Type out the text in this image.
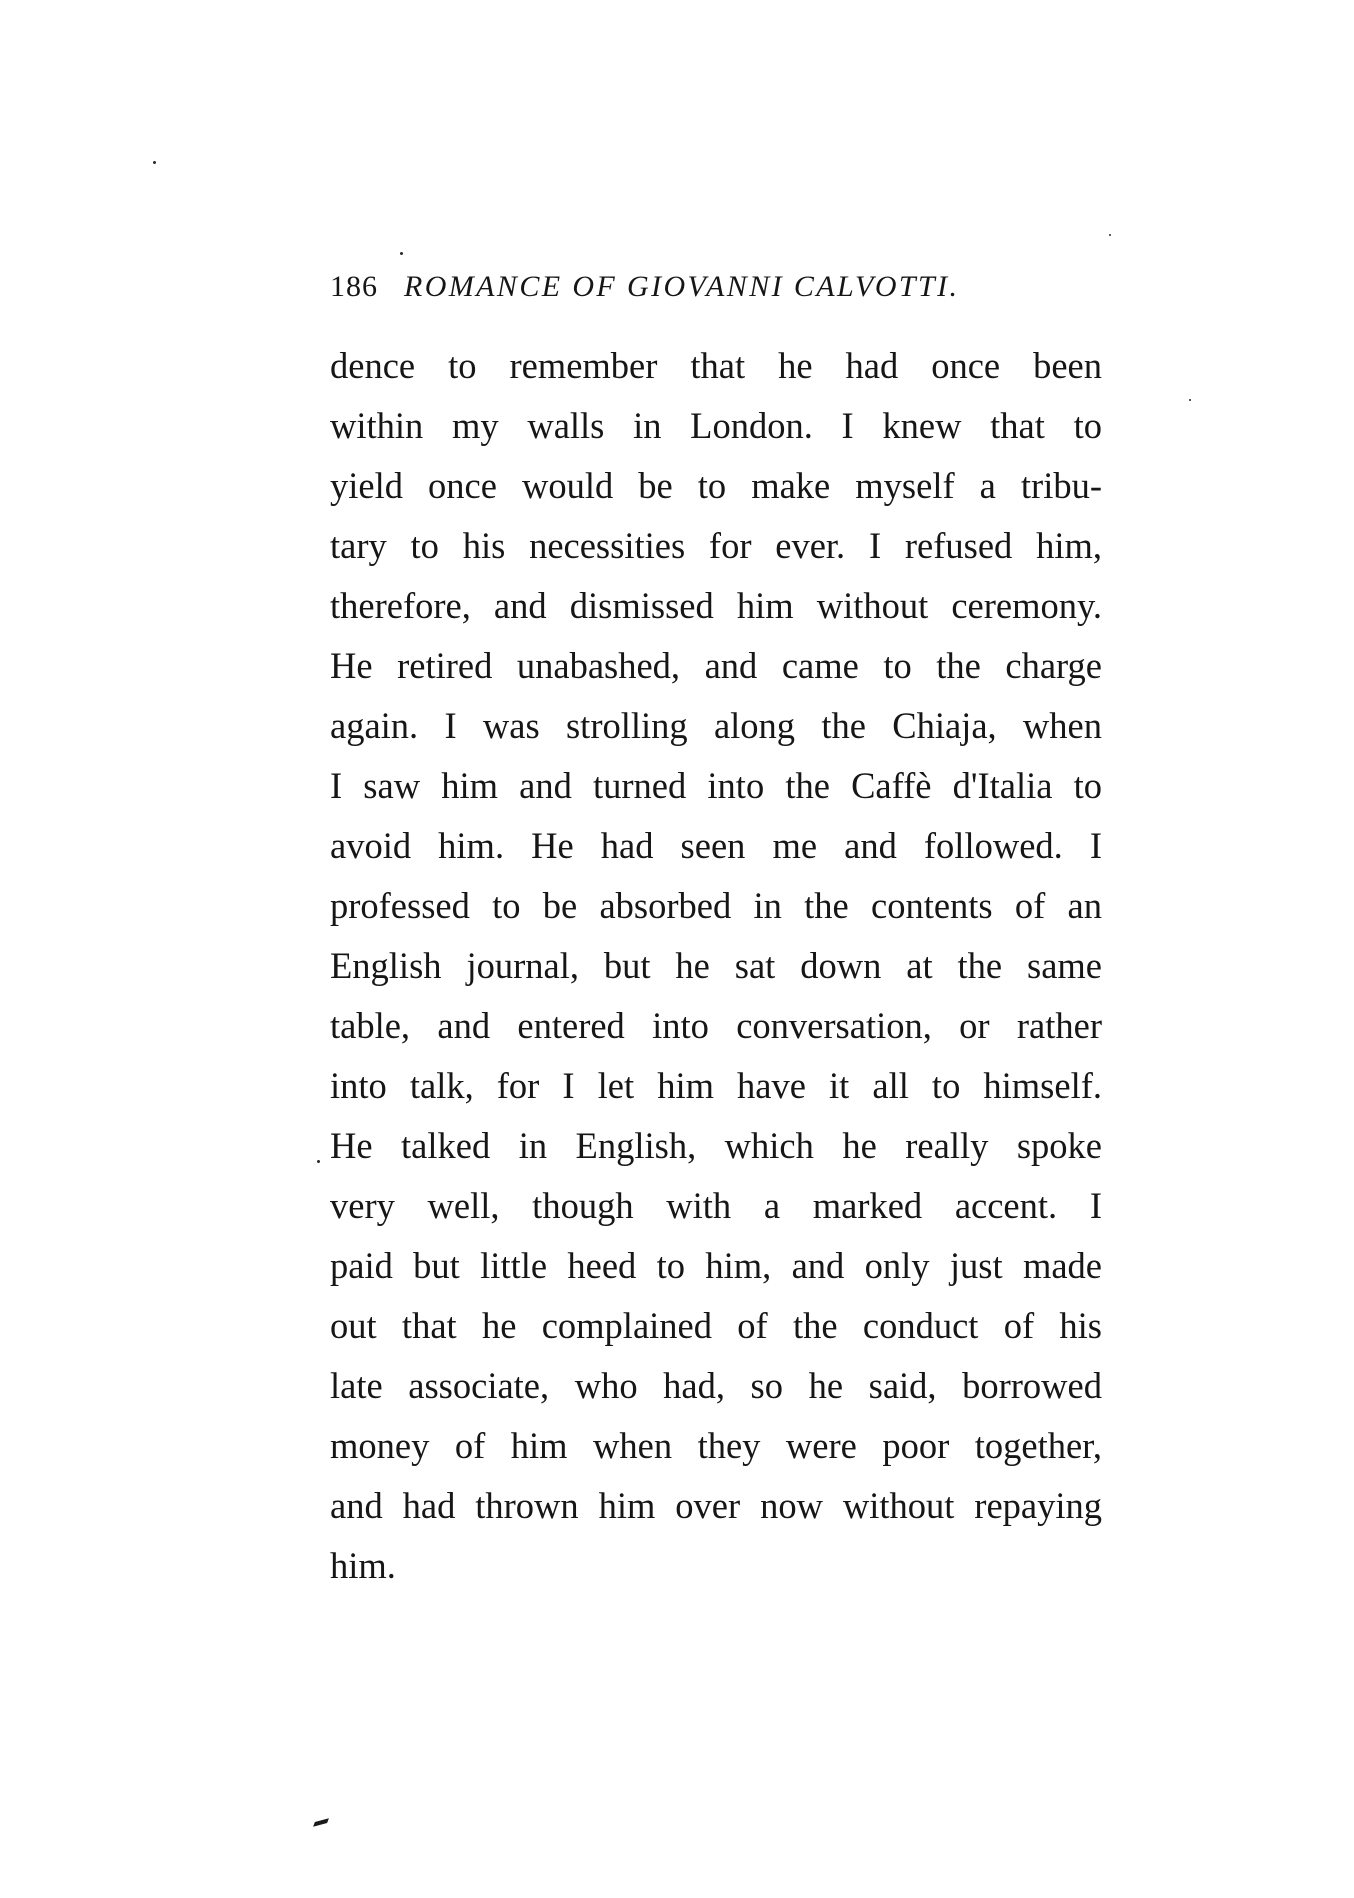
186 ROMANCE OF GIOVANNI CALVOTTI.
dence to remember that he had once been
within my walls in London. I knew that to
yield once would be to make myself a tribu-
tary to his necessities for ever. I refused him,
therefore, and dismissed him without ceremony.
He retired unabashed, and came to the charge
again. I was strolling along the Chiaja, when
I saw him and turned into the Caffè d'Italia to
avoid him. He had seen me and followed. I
professed to be absorbed in the contents of an
English journal, but he sat down at the same
table, and entered into conversation, or rather
into talk, for I let him have it all to himself.
He talked in English, which he really spoke
very well, though with a marked accent. I
paid but little heed to him, and only just made
out that he complained of the conduct of his
late associate, who had, so he said, borrowed
money of him when they were poor together,
and had thrown him over now without repaying
him.
